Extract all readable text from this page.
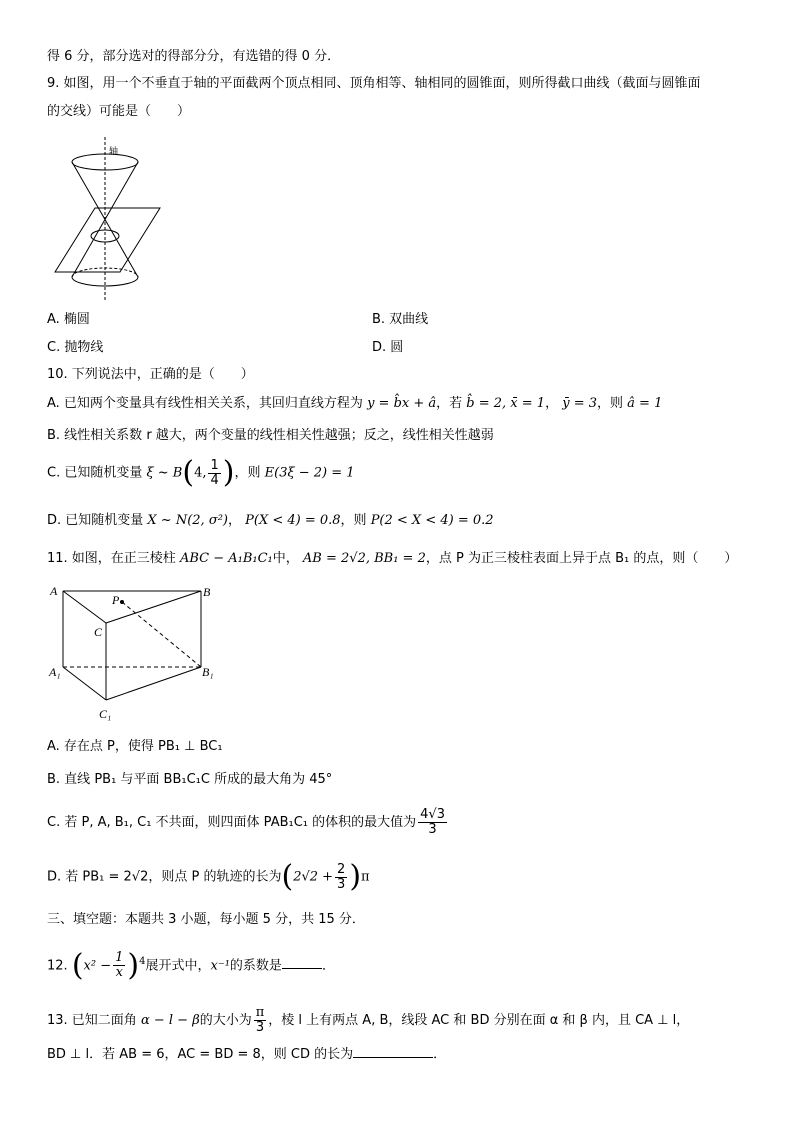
得 6 分，部分选对的得部分分，有选错的得 0 分．
9. 如图，用一个不垂直于轴的平面截两个顶点相同、顶角相等、轴相同的圆锥面，则所得截口曲线（截面与圆锥面
的交线）可能是（　　）
轴
A. 椭圆	B. 双曲线
C. 抛物线	D. 圆
10. 下列说法中，正确的是（　　）
A. 已知两个变量具有线性相关关系，其回归直线方程为 y = b̂x + â，若 b̂ = 2, x̄ = 1， ȳ = 3，则 â = 1
B. 线性相关系数 r 越大，两个变量的线性相关性越强；反之，线性相关性越弱
C. 已知随机变量 ξ ~ B(4, $\frac{1}{4}$ )，则 E(3ξ − 2) = 1
D. 已知随机变量 X ~ N(2, σ²)， P(X < 4) = 0.8，则 P(2 < X < 4) = 0.2
11. 如图，在正三棱柱 ABC − A₁B₁C₁中， AB = 2√2, BB₁ = 2，点 P 为正三棱柱表面上异于点 B₁ 的点，则（　　）
A	B
C
P
A₁	B₁
C₁
A. 存在点 P，使得 PB₁ ⊥ BC₁
B. 直线 PB₁ 与平面 BB₁C₁C 所成的最大角为 45°
C. 若 P, A, B₁, C₁ 不共面，则四面体 PAB₁C₁ 的体积的最大值为 $\frac{4√3}{3}$
D. 若 PB₁ = 2√2，则点 P 的轨迹的长为$(2√2 + \frac{2}{3} )\pi$
三、填空题：本题共 3 小题，每小题 5 分，共 15 分．
12. $(x^2 - \frac{1}{x} )^4$展开式中，x⁻¹的系数是	．
13. 已知二面角 α − l − β的大小为 $\frac{\pi}{3}$ ，棱 l 上有两点 A, B，线段 AC 和 BD 分别在面 α 和 β 内，且 CA ⊥ l，
BD ⊥ l．若 AB = 6，AC = BD = 8，则 CD 的长为	．
